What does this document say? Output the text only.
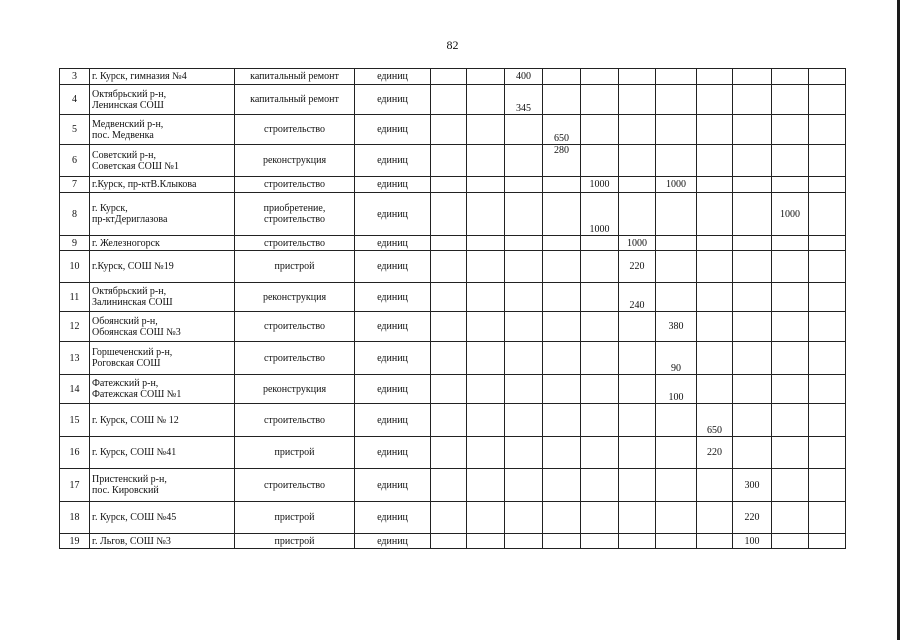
82
3	г. Курск, гимназия №4	капитальный ремонт	единиц			400								
4	Октябрьский р-н,
Ленинская СОШ	капитальный ремонт	единиц			345								
5	Медвенский р-н,
пос. Медвенка	строительство	единиц				650							
6	Советский р-н,
Советская СОШ №1	реконструкция	единиц				280							
7	г.Курск, пр-ктВ.Клыкова	строительство	единиц					1000		1000				
8	г. Курск,
пр-ктДериглазова	приобретение,
строительство	единиц					1000					1000	
9	г. Железногорск	строительство	единиц						1000					
10	г.Курск, СОШ №19	пристрой	единиц						220					
11	Октябрьский р-н,
Залининская СОШ	реконструкция	единиц						240					
12	Обоянский р-н,
Обоянская СОШ №3	строительство	единиц							380				
13	Горшеченский р-н,
Роговская СОШ	строительство	единиц							90				
14	Фатежский р-н,
Фатежская СОШ №1	реконструкция	единиц							100				
15	г. Курск, СОШ № 12	строительство	единиц								650			
16	г. Курск, СОШ №41	пристрой	единиц								220			
17	Пристенский р-н,
пос. Кировский	строительство	единиц									300		
18	г. Курск, СОШ №45	пристрой	единиц									220		
19	г. Льгов, СОШ №3	пристрой	единиц									100		
